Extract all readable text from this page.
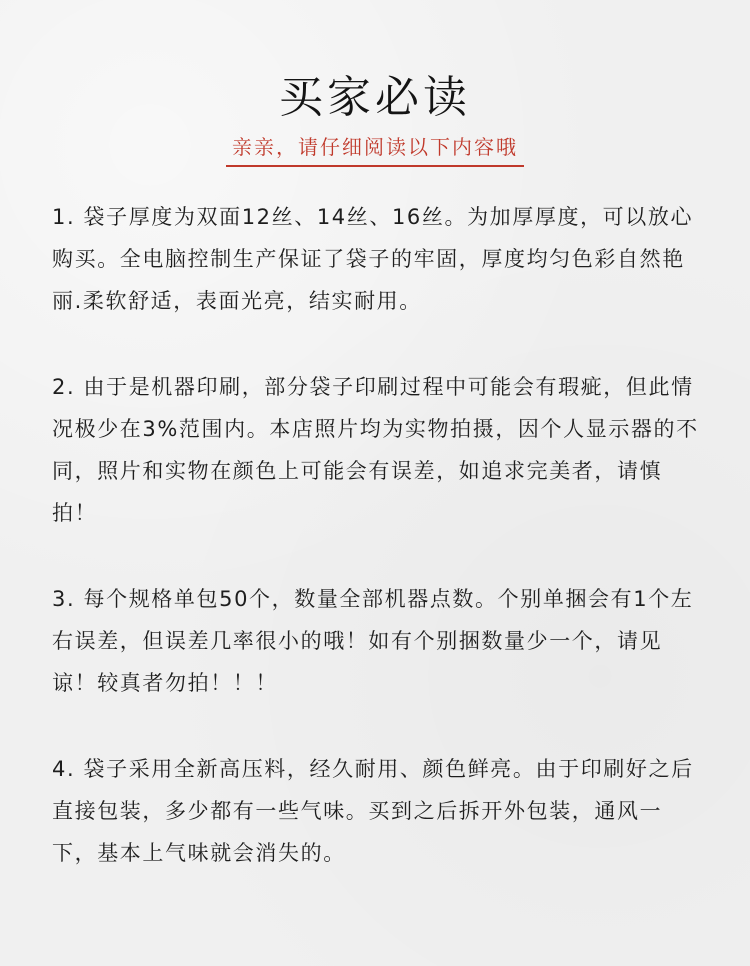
买家必读
亲亲，请仔细阅读以下内容哦

1. 袋子厚度为双面12丝、14丝、16丝。为加厚厚度，可以放心购买。全电脑控制生产保证了袋子的牢固，厚度均匀色彩自然艳丽.柔软舒适，表面光亮，结实耐用。

2. 由于是机器印刷，部分袋子印刷过程中可能会有瑕疵，但此情况极少在3%范围内。本店照片均为实物拍摄，因个人显示器的不同，照片和实物在颜色上可能会有误差，如追求完美者，请慎拍！

3. 每个规格单包50个，数量全部机器点数。个别单捆会有1个左右误差，但误差几率很小的哦！如有个别捆数量少一个，请见谅！较真者勿拍！！！

4. 袋子采用全新高压料，经久耐用、颜色鲜亮。由于印刷好之后直接包装，多少都有一些气味。买到之后拆开外包装，通风一下，基本上气味就会消失的。
